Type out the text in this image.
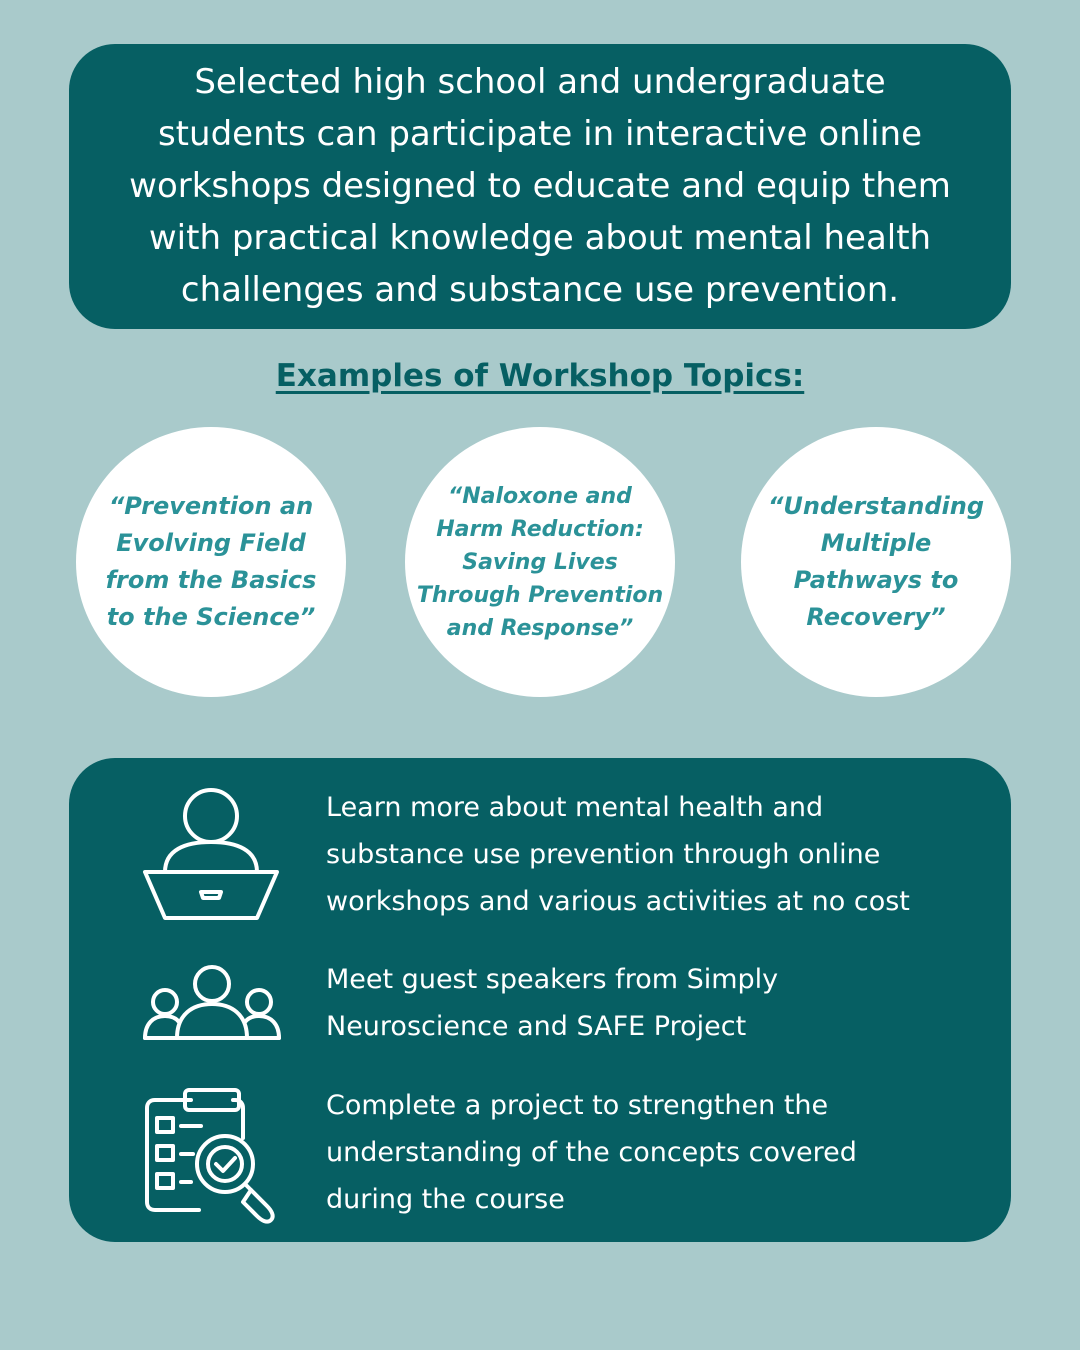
Selected high school and undergraduate
students can participate in interactive online
workshops designed to educate and equip them
with practical knowledge about mental health
challenges and substance use prevention.
Examples of Workshop Topics:
“Prevention an
Evolving Field
from the Basics
to the Science”
“Naloxone and
Harm Reduction:
Saving Lives
Through Prevention
and Response”
“Understanding
Multiple
Pathways to
Recovery”
Learn more about mental health and
substance use prevention through online
workshops and various activities at no cost
Meet guest speakers from Simply
Neuroscience and SAFE Project
Complete a project to strengthen the
understanding of the concepts covered
during the course
